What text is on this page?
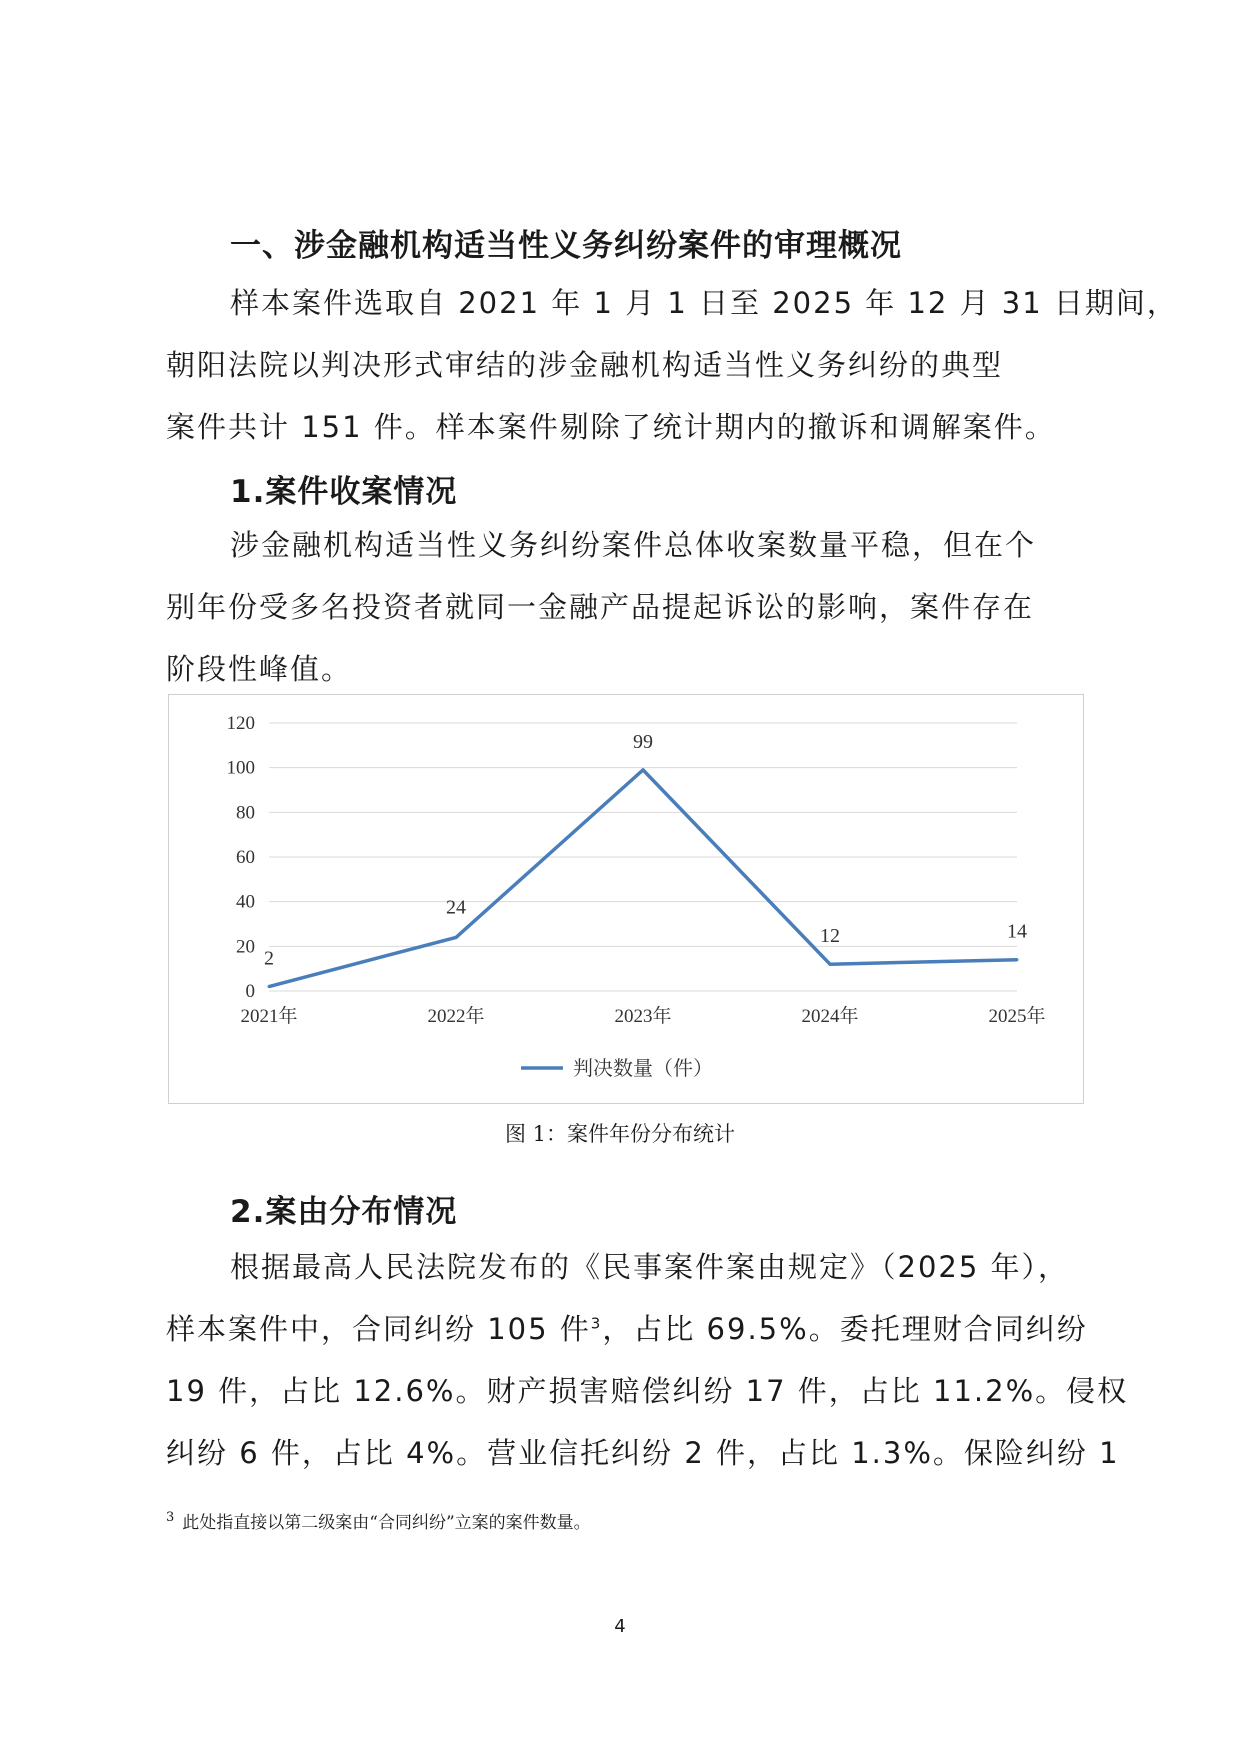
一、涉金融机构适当性义务纠纷案件的审理概况
样本案件选取自 2021 年 1 月 1 日至 2025 年 12 月 31 日期间，
朝阳法院以判决形式审结的涉金融机构适当性义务纠纷的典型
案件共计 151 件。样本案件剔除了统计期内的撤诉和调解案件。
1.案件收案情况
涉金融机构适当性义务纠纷案件总体收案数量平稳，但在个
别年份受多名投资者就同一金融产品提起诉讼的影响，案件存在
阶段性峰值。
0
20
40
60
80
100
120
2021年	2022年	2023年	2024年	2025年
2
24
99
12	14
判决数量（件）
图 1：案件年份分布统计
2.案由分布情况
根据最高人民法院发布的《民事案件案由规定》（2025 年），
样本案件中，合同纠纷 105 件$^3$，占比 69.5%。委托理财合同纠纷
19 件，占比 12.6%。财产损害赔偿纠纷 17 件，占比 11.2%。侵权
纠纷 6 件，占比 4%。营业信托纠纷 2 件，占比 1.3%。保险纠纷 1
$^3$ 此处指直接以第二级案由“合同纠纷”立案的案件数量。
4
